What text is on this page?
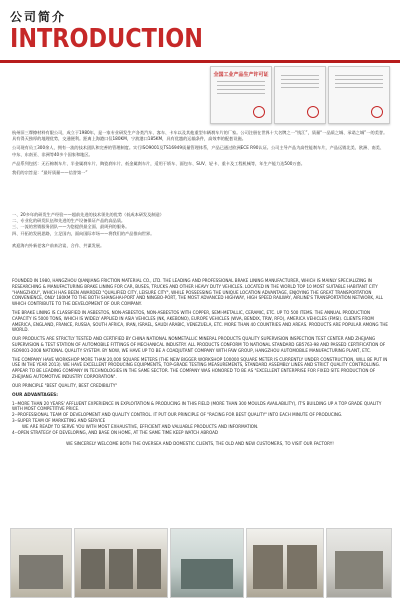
公司简介
INTRODUCTION
全国工业产品生产许可证

杭州旧三摩擦材料有限公司，成立于1980年，是一家专业研发生产各类汽车、客车、卡车以及其他重型车辆刹车片的厂家。公司注册在世界十大名牌之一“钱江”，质量“一品质之城、承诺之城”一的美誉。具有得天独厚的地理优势，交通便利。距离上海港口仅180KM，宁波港口185KM，具有优越的运输条件，高效率的配套设施。

公司现有员工300余人，拥有一流的技术团队和完善的管理制度。实行ISO9001及TS16949质量管理体系，产品已通过欧洲ECE R90认证。公司主导产品为高性能刹车片，产品远销北美、欧洲、南美、中东、东南亚、非洲等40多个国家和地区。

产品系列包括：无石棉刹车片、半金属刹车片、陶瓷刹车片、低金属刹车片，适用于轿车、面包车、SUV、轻卡、重卡及工程机械等，年生产能力达500万套。

我们的宗旨是：“最好质量——信誉第一”

一、20多年的研发生产经验——超前先进的技术领先的优势（低成本研发及制造）
二、专业化的研发队伍和先进的生产设备保证产品的高品质。
三、一流的营销服务团队——为您提供最全面、最周到的服务。
四、开拓的发展思路，立足国内，面向国际市场——将我们的产品推向世界。

欢迎海内外新老客户前来洽谈、合作、共谋发展。

FOUNDED IN 1980, HANGZHOU QIANJIANG FRICTION MATERIAL CO., LTD. THE LEADING AND PROFESSIONAL BRAKE LINING MANUFACTURER, WHICH IS MAINLY SPECIALIZING IN RESEARCHING & MANUFACTURING BRAKE LINING FOR CAR, BUSES, TRUCKS AND OTHER HEAVY DUTY VEHICLES. LOCATED IN THE WORLD TOP 10 MOST SUITABLE HABITANT CITY "HANGZHOU", WHICH HAS BEEN AWARDED "QUALIFIED CITY, LEISURE CITY", WHILE POSSESSING THE UNIQUE LOCATION ADVANTAGE, ENJOYING THE GREAT TRANSPORTATION CONVENIENCE, ONLY 180KM TO THE BOTH SHANGHAI-PORT AND NINGBO-PORT, THE MOST ADVANCED HIGHWAY, HIGH SPEED RAILWAY, AIRLINE'S TRANSPORTATION NETWORK, ALL WHICH CONTRIBUTE TO THE DEVELOPMENT OF OUR COMPANY.

THE BRAKE LINING IS CLASSIFIED IN ASBESTOS, NON-ASBESTOS, NON-ASBESTOS WITH COPPER, SEMI-METALLIC, CERAMIC, ETC. UP TO 500 ITEMS. THE ANNUAL PRODUCTION CAPACITY IS 5000 TONS, WHICH IS WIDELY APPLIED IN ASIA VEHICLES (NK, AKEBONO), EUROPE VEHICLES (WVA, BENDIX, TRW, RFO), AMERICA VEHICLES (FMSI). CLIENTS FROM AMERICA, ENGLAND, FRANCE, RUSSIA, SOUTH AFRICA, IRAN, ISRAEL, SAUDI ARABIC, VENEZUELA, ETC. MORE THAN 40 COUNTRIES AND AREAS. PRODUCTS ARE POPULAR AMONG THE WORLD.

OUR PRODUCTS ARE STRICTLY TESTED AND CERTIFIED BY CHINA NATIONAL NONMETALLIC MINERAL PRODUCTS QUALITY SUPERVISION INSPECTION TEST CENTER AND ZHEJIANG SUPERVISION & TEST STATION OF AUTOMOBILE FITTINGS OF MECHANICAL INDUSTRY. ALL PRODUCTS CONFORM TO NATIONAL STANDARD GB5763-98 AND PASSED CERTIFICATION OF ISO9001-2008 NATIONAL QUALITY SYSTEM. BY NOW, WE HAVE UP TO BE A COADJUTANT COMPANY WITH FAW GROUP, HANGZHOU AUTOMOBILE MANUFACTURING PLANT, ETC.

THE COMPANY HAVE WORKSHOP MORE THAN 20,000 SQUARE METERS (THE NEW BIGGER WORKSHOP 100000 SQUARE METER IS CURRENTLY UNDER CONSTRUCTION, WILL BE PUT IN USE IN THE YEAR 2013). WE HAVE EXCELLENT PRODUCING EQUIPMENTS, TOP-GRADE TESTING MEASUREMENTS, STANDARD ASSEMBLY LINES AND STRICT QUALITY CONTROLLING. APPEAR TO BE LEADING COMPANY IN TECHNOLOGIES IN THE SAME SECTOR. THE COMPANY WAS HONORED TO BE AS "EXCELLENT ENTERPRISE FOR FIXED SITE PRODUCTION OF ZHEJIANG AUTOMOTIVE INDUSTRY CORPORATION".

OUR PRINCIPLE "BEST QUALITY, BEST CREDIBILITY"

OUR ADVANTAGES:
1--MORE THAN 20 YEARS' AFFLUENT EXPERIENCE IN EXPLOITATION & PRODUCING IN THIS FIELD (MORE THAN 300 MOULDS AVAILABILITY), IT'S BUILDING UP A TOP GRADE QUALITY WITH MOST COMPETITIVE PRICE.
2--PROFESSIONAL TEAM OF DEVELOPMENT AND QUALITY CONTROL. IT PUT OUR PRINCIPLE OF "RACING FOR BEST QUALITY" INTO EACH MINUTE OF PRODUCING.
3--SUPER TEAM OF MARKETING AND SERVICE
WE ARE READY TO SERVE YOU WITH MOST EXHAUSTIVE, EFFICIENT AND VALUABLE PRODUCTS AND INFORMATION.
4--OPEN STRATEGY OF DEVELOPING, AND BASE ON HOME, AT THE SAME TIME KEEP WATCH ABROAD

WE SINCERELY WELCOME BOTH THE OVERSEA AND DOMESTIC CLIENTS, THE OLD AND NEW CUSTOMERS, TO VISIT OUR FACTORY!
